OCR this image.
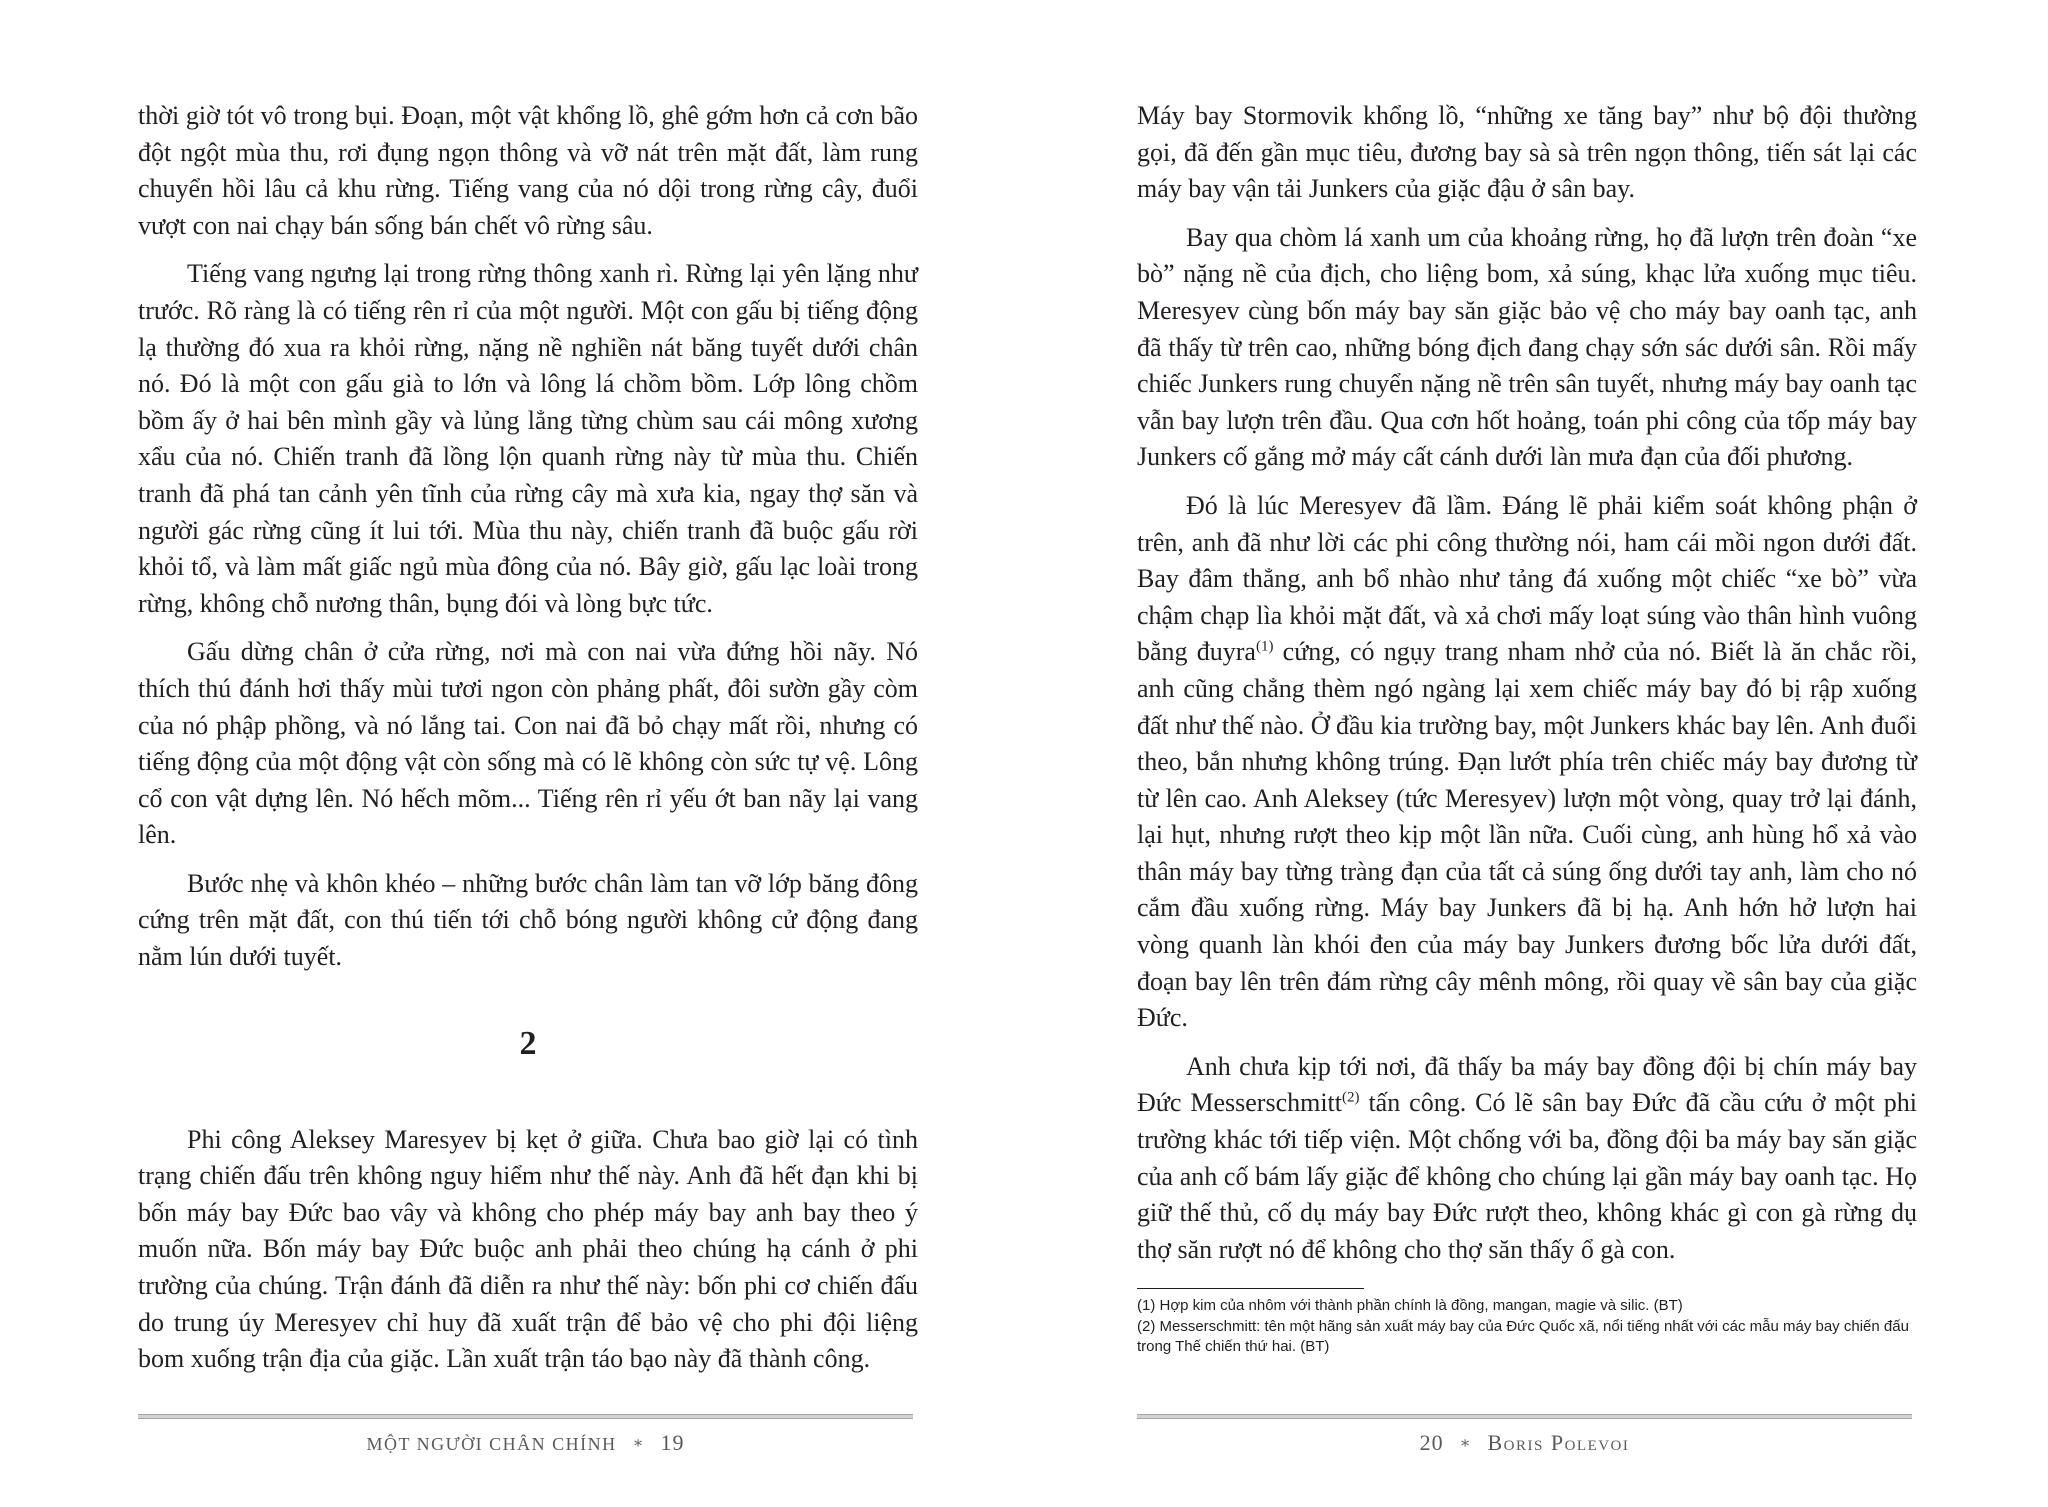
thời giờ tót vô trong bụi. Đoạn, một vật khổng lồ, ghê gớm hơn cả cơn bão đột ngột mùa thu, rơi đụng ngọn thông và vỡ nát trên mặt đất, làm rung chuyển hồi lâu cả khu rừng. Tiếng vang của nó dội trong rừng cây, đuổi vượt con nai chạy bán sống bán chết vô rừng sâu.

Tiếng vang ngưng lại trong rừng thông xanh rì. Rừng lại yên lặng như trước. Rõ ràng là có tiếng rên rỉ của một người. Một con gấu bị tiếng động lạ thường đó xua ra khỏi rừng, nặng nề nghiền nát băng tuyết dưới chân nó. Đó là một con gấu già to lớn và lông lá chồm bồm. Lớp lông chồm bồm ấy ở hai bên mình gầy và lủng lẳng từng chùm sau cái mông xương xẩu của nó. Chiến tranh đã lồng lộn quanh rừng này từ mùa thu. Chiến tranh đã phá tan cảnh yên tĩnh của rừng cây mà xưa kia, ngay thợ săn và người gác rừng cũng ít lui tới. Mùa thu này, chiến tranh đã buộc gấu rời khỏi tổ, và làm mất giấc ngủ mùa đông của nó. Bây giờ, gấu lạc loài trong rừng, không chỗ nương thân, bụng đói và lòng bực tức.

Gấu dừng chân ở cửa rừng, nơi mà con nai vừa đứng hồi nãy. Nó thích thú đánh hơi thấy mùi tươi ngon còn phảng phất, đôi sườn gầy còm của nó phập phồng, và nó lắng tai. Con nai đã bỏ chạy mất rồi, nhưng có tiếng động của một động vật còn sống mà có lẽ không còn sức tự vệ. Lông cổ con vật dựng lên. Nó hếch mõm... Tiếng rên rỉ yếu ớt ban nãy lại vang lên.

Bước nhẹ và khôn khéo – những bước chân làm tan vỡ lớp băng đông cứng trên mặt đất, con thú tiến tới chỗ bóng người không cử động đang nằm lún dưới tuyết.

2

Phi công Aleksey Maresyev bị kẹt ở giữa. Chưa bao giờ lại có tình trạng chiến đấu trên không nguy hiểm như thế này. Anh đã hết đạn khi bị bốn máy bay Đức bao vây và không cho phép máy bay anh bay theo ý muốn nữa. Bốn máy bay Đức buộc anh phải theo chúng hạ cánh ở phi trường của chúng. Trận đánh đã diễn ra như thế này: bốn phi cơ chiến đấu do trung úy Meresyev chỉ huy đã xuất trận để bảo vệ cho phi đội liệng bom xuống trận địa của giặc. Lần xuất trận táo bạo này đã thành công.

MỘT NGƯỜI CHÂN CHÍNH ∗ 19

Máy bay Stormovik khổng lồ, “những xe tăng bay” như bộ đội thường gọi, đã đến gần mục tiêu, đương bay sà sà trên ngọn thông, tiến sát lại các máy bay vận tải Junkers của giặc đậu ở sân bay.

Bay qua chòm lá xanh um của khoảng rừng, họ đã lượn trên đoàn “xe bò” nặng nề của địch, cho liệng bom, xả súng, khạc lửa xuống mục tiêu. Meresyev cùng bốn máy bay săn giặc bảo vệ cho máy bay oanh tạc, anh đã thấy từ trên cao, những bóng địch đang chạy sớn sác dưới sân. Rồi mấy chiếc Junkers rung chuyển nặng nề trên sân tuyết, nhưng máy bay oanh tạc vẫn bay lượn trên đầu. Qua cơn hốt hoảng, toán phi công của tốp máy bay Junkers cố gắng mở máy cất cánh dưới làn mưa đạn của đối phương.

Đó là lúc Meresyev đã lầm. Đáng lẽ phải kiểm soát không phận ở trên, anh đã như lời các phi công thường nói, ham cái mồi ngon dưới đất. Bay đâm thẳng, anh bổ nhào như tảng đá xuống một chiếc “xe bò” vừa chậm chạp lìa khỏi mặt đất, và xả chơi mấy loạt súng vào thân hình vuông bằng đuyra$^{(1)}$ cứng, có ngụy trang nham nhở của nó. Biết là ăn chắc rồi, anh cũng chẳng thèm ngó ngàng lại xem chiếc máy bay đó bị rập xuống đất như thế nào. Ở đầu kia trường bay, một Junkers khác bay lên. Anh đuổi theo, bắn nhưng không trúng. Đạn lướt phía trên chiếc máy bay đương từ từ lên cao. Anh Aleksey (tức Meresyev) lượn một vòng, quay trở lại đánh, lại hụt, nhưng rượt theo kịp một lần nữa. Cuối cùng, anh hùng hổ xả vào thân máy bay từng tràng đạn của tất cả súng ống dưới tay anh, làm cho nó cắm đầu xuống rừng. Máy bay Junkers đã bị hạ. Anh hớn hở lượn hai vòng quanh làn khói đen của máy bay Junkers đương bốc lửa dưới đất, đoạn bay lên trên đám rừng cây mênh mông, rồi quay về sân bay của giặc Đức.

Anh chưa kịp tới nơi, đã thấy ba máy bay đồng đội bị chín máy bay Đức Messerschmitt$^{(2)}$ tấn công. Có lẽ sân bay Đức đã cầu cứu ở một phi trường khác tới tiếp viện. Một chống với ba, đồng đội ba máy bay săn giặc của anh cố bám lấy giặc để không cho chúng lại gần máy bay oanh tạc. Họ giữ thế thủ, cố dụ máy bay Đức rượt theo, không khác gì con gà rừng dụ thợ săn rượt nó để không cho thợ săn thấy ổ gà con.

(1) Hợp kim của nhôm với thành phần chính là đồng, mangan, magie và silic. (BT)

(2) Messerschmitt: tên một hãng sản xuất máy bay của Đức Quốc xã, nổi tiếng nhất với các mẫu máy bay chiến đấu trong Thế chiến thứ hai. (BT)

20 ∗ Boris Polevoi
